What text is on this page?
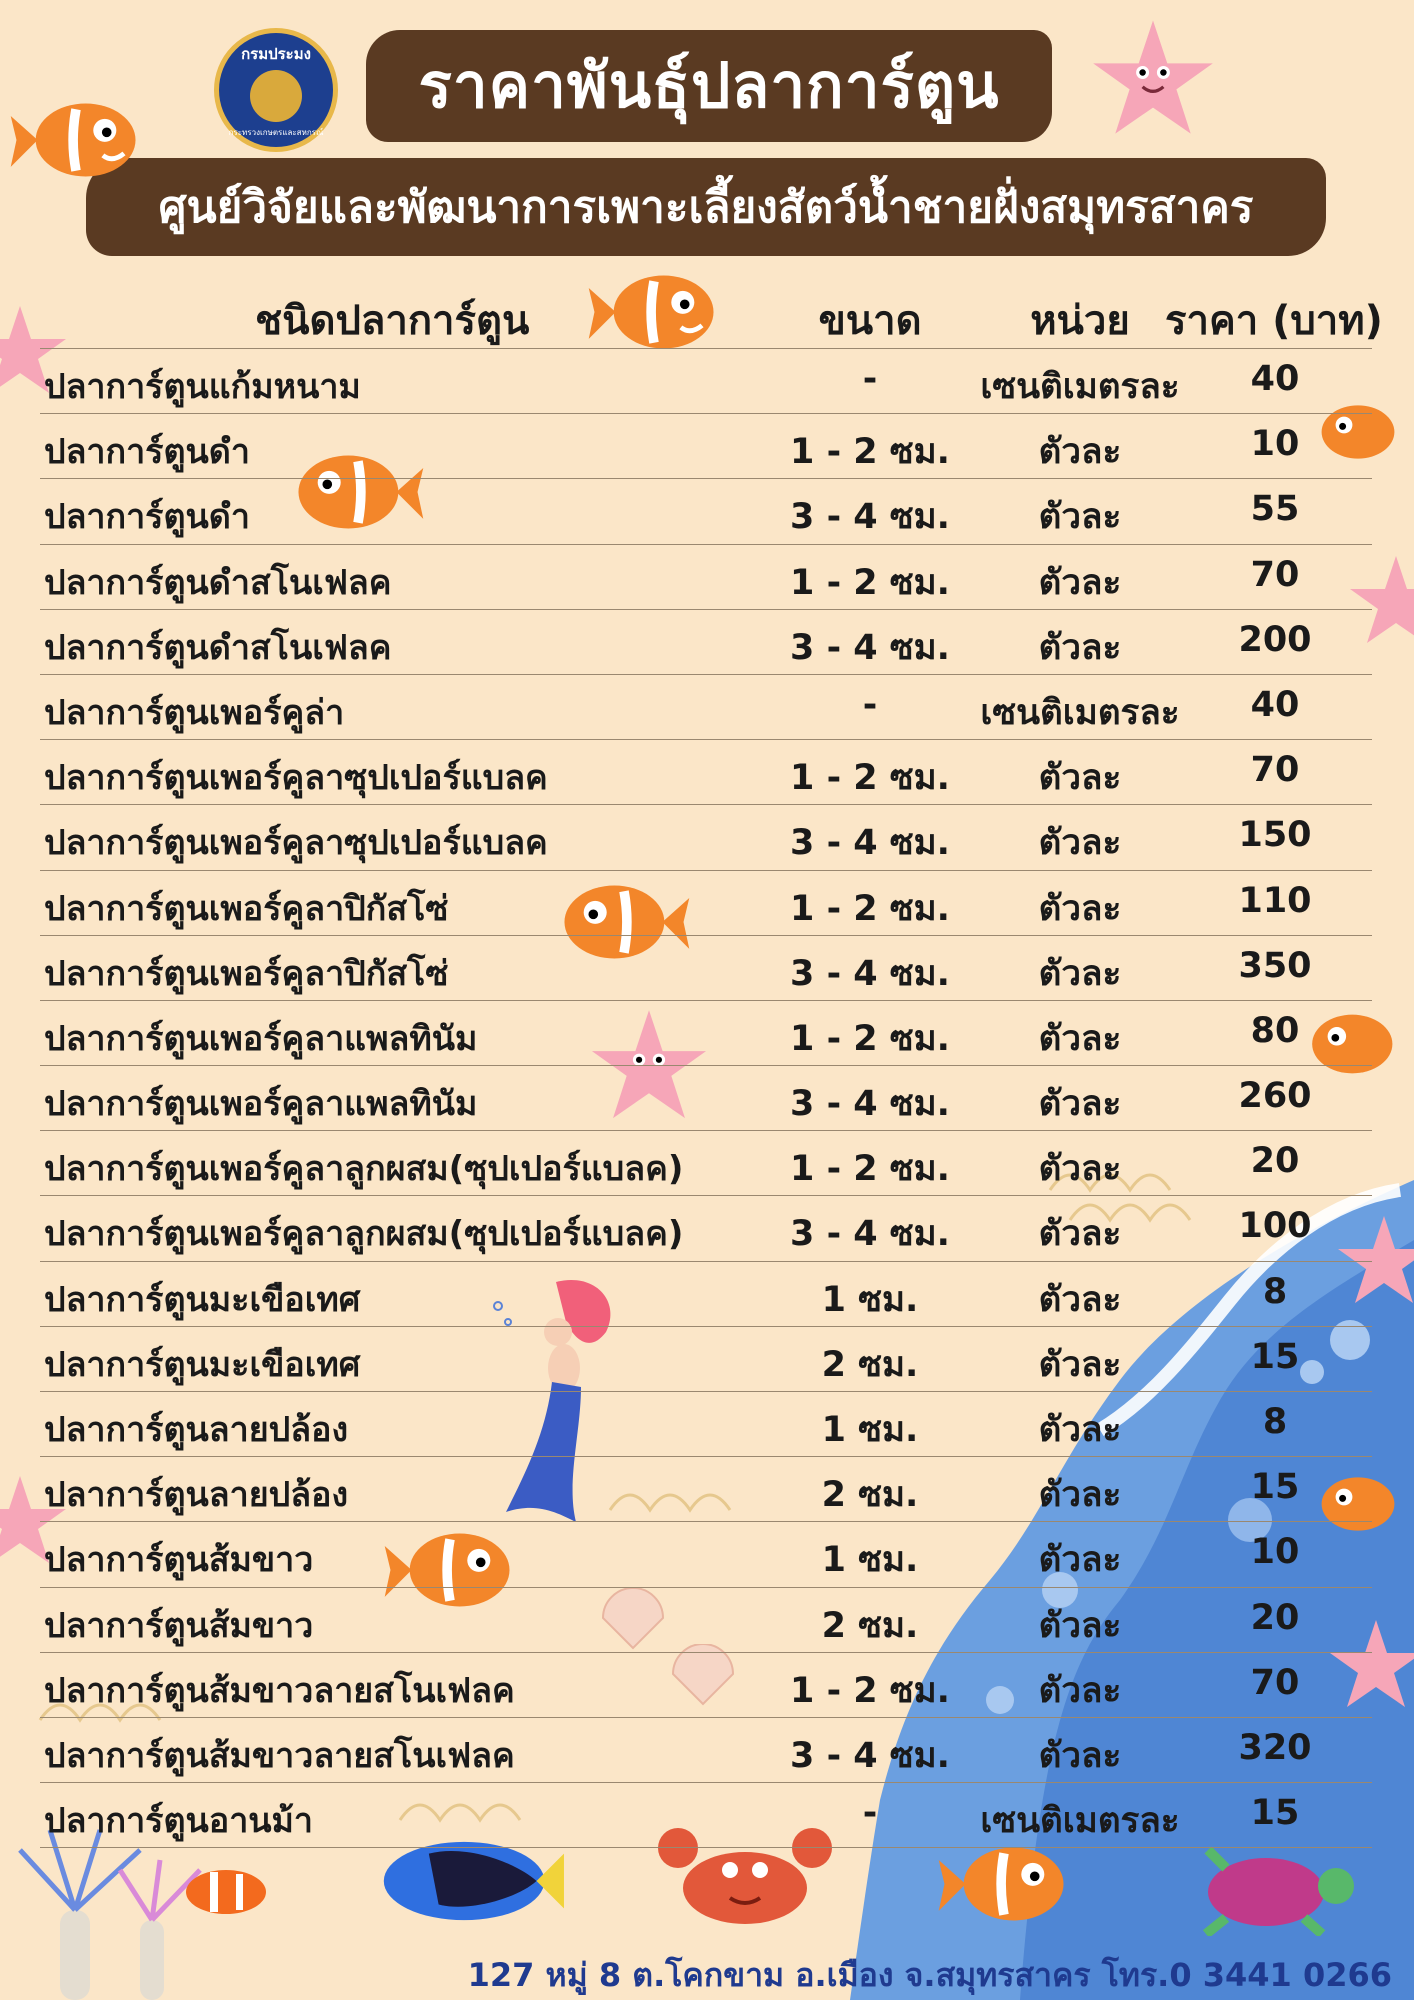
กรมประมง
กระทรวงเกษตรและสหกรณ์
ราคาพันธุ์ปลาการ์ตูน
ศูนย์วิจัยและพัฒนาการเพาะเลี้ยงสัตว์น้ำชายฝั่งสมุทรสาคร
ชนิดปลาการ์ตูน	ขนาด	หน่วย ราคา (บาท)
ปลาการ์ตูนแก้มหนาม	-	เซนติเมตรละ	40
ปลาการ์ตูนดำ	1 - 2 ซม.	ตัวละ	10
ปลาการ์ตูนดำ	3 - 4 ซม.	ตัวละ	55
ปลาการ์ตูนดำสโนเฟลค	1 - 2 ซม.	ตัวละ	70
ปลาการ์ตูนดำสโนเฟลค	3 - 4 ซม.	ตัวละ	200
ปลาการ์ตูนเพอร์คูล่า	-	เซนติเมตรละ	40
ปลาการ์ตูนเพอร์คูลาซุปเปอร์แบลค	1 - 2 ซม.	ตัวละ	70
ปลาการ์ตูนเพอร์คูลาซุปเปอร์แบลค	3 - 4 ซม.	ตัวละ	150
ปลาการ์ตูนเพอร์คูลาปิกัสโซ่	1 - 2 ซม.	ตัวละ	110
ปลาการ์ตูนเพอร์คูลาปิกัสโซ่	3 - 4 ซม.	ตัวละ	350
ปลาการ์ตูนเพอร์คูลาแพลทินัม	1 - 2 ซม.	ตัวละ	80
ปลาการ์ตูนเพอร์คูลาแพลทินัม	3 - 4 ซม.	ตัวละ	260
ปลาการ์ตูนเพอร์คูลาลูกผสม(ซุปเปอร์แบลค)	1 - 2 ซม.	ตัวละ	20
ปลาการ์ตูนเพอร์คูลาลูกผสม(ซุปเปอร์แบลค)	3 - 4 ซม.	ตัวละ	100
ปลาการ์ตูนมะเขือเทศ	1 ซม.	ตัวละ	8
ปลาการ์ตูนมะเขือเทศ	2 ซม.	ตัวละ	15
ปลาการ์ตูนลายปล้อง	1 ซม.	ตัวละ	8
ปลาการ์ตูนลายปล้อง	2 ซม.	ตัวละ	15
ปลาการ์ตูนส้มขาว	1 ซม.	ตัวละ	10
ปลาการ์ตูนส้มขาว	2 ซม.	ตัวละ	20
ปลาการ์ตูนส้มขาวลายสโนเฟลค	1 - 2 ซม.	ตัวละ	70
ปลาการ์ตูนส้มขาวลายสโนเฟลค	3 - 4 ซม.	ตัวละ	320
ปลาการ์ตูนอานม้า	-	เซนติเมตรละ	15
127 หมู่ 8 ต.โคกขาม อ.เมือง จ.สมุทรสาคร โทร.0 3441 0266
